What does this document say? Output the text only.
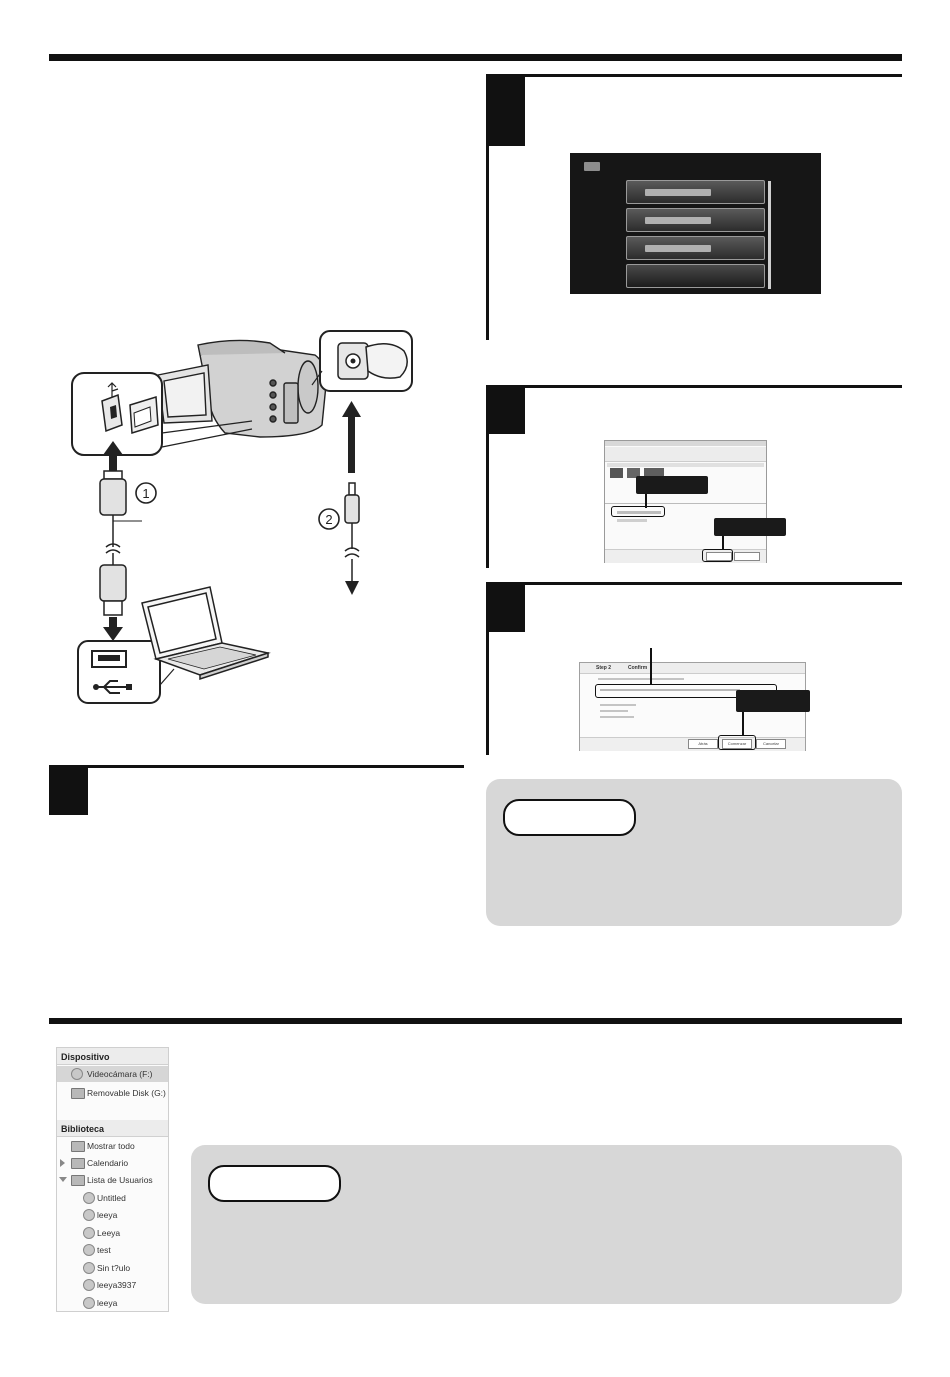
Step 2	Confirm
Atrás	Comenzar	Cancelar
1
2
Dispositivo
Videocámara (F:)
Removable Disk (G:)
Biblioteca
Mostrar todo
Calendario
Lista de Usuarios
Untitled
leeya
Leeya
test
Sin t?ulo
leeya3937
leeya
